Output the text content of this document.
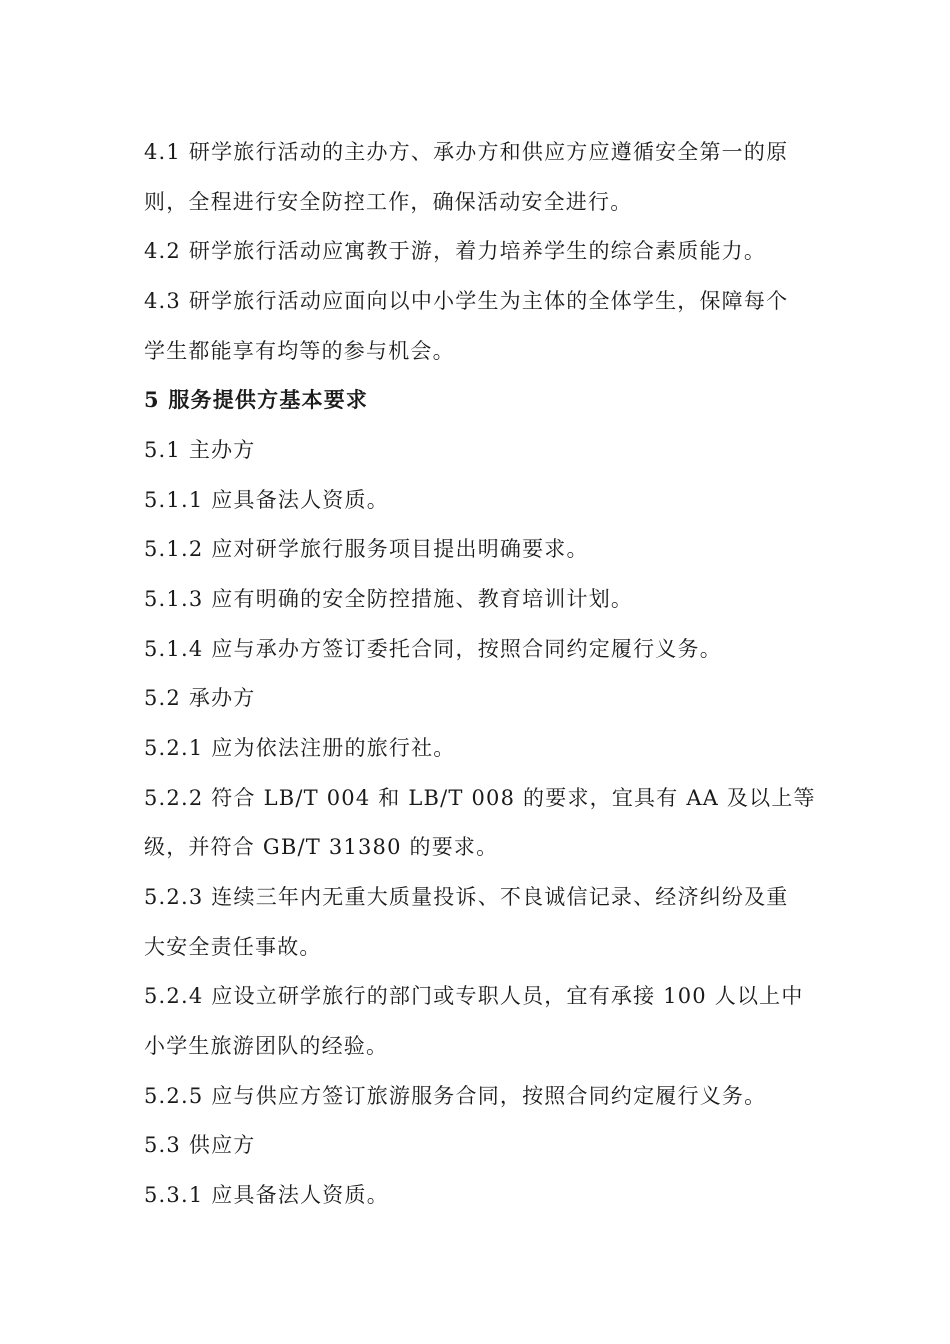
4.1 研学旅行活动的主办方、承办方和供应方应遵循安全第一的原
则，全程进行安全防控工作，确保活动安全进行。
4.2 研学旅行活动应寓教于游，着力培养学生的综合素质能力。
4.3 研学旅行活动应面向以中小学生为主体的全体学生，保障每个
学生都能享有均等的参与机会。
5 服务提供方基本要求
5.1 主办方
5.1.1 应具备法人资质。
5.1.2 应对研学旅行服务项目提出明确要求。
5.1.3 应有明确的安全防控措施、教育培训计划。
5.1.4 应与承办方签订委托合同，按照合同约定履行义务。
5.2 承办方
5.2.1 应为依法注册的旅行社。
5.2.2 符合 LB/T 004 和 LB/T 008 的要求，宜具有 AA 及以上等
级，并符合 GB/T 31380 的要求。
5.2.3 连续三年内无重大质量投诉、不良诚信记录、经济纠纷及重
大安全责任事故。
5.2.4 应设立研学旅行的部门或专职人员，宜有承接 100 人以上中
小学生旅游团队的经验。
5.2.5 应与供应方签订旅游服务合同，按照合同约定履行义务。
5.3 供应方
5.3.1 应具备法人资质。
